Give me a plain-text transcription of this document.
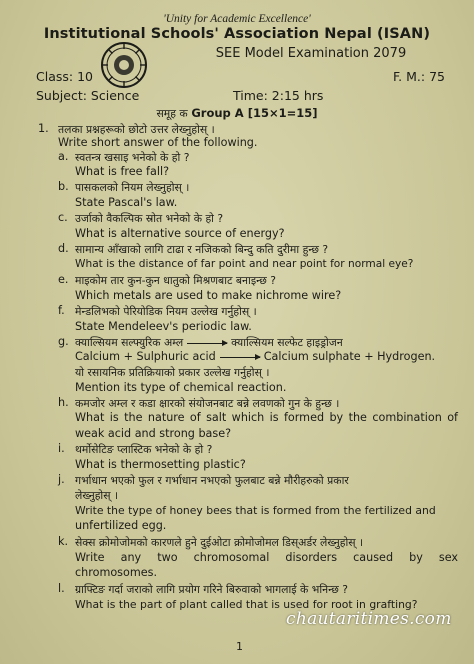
'Unity for Academic Excellence'
Institutional Schools' Association Nepal (ISAN)
SEE Model Examination 2079
Class: 10
Time: 2:15 hrs
F. M.: 75
Subject: Science
समूह क Group A [15×1=15]
1. तलका प्रश्नहरूको छोटो उत्तर लेख्नुहोस् ।
Write short answer of the following.
a. स्वतन्त्र खसाइ भनेको के हो ?
What is free fall?
b. पासकलको नियम लेख्नुहोस् ।
State Pascal's law.
c. उर्जाको वैकल्पिक स्रोत भनेको के हो ?
What is alternative source of energy?
d. सामान्य आँखाको लागि टाढा र नजिकको बिन्दु कति दुरीमा हुन्छ ?
What is the distance of far point and near point for normal eye?
e. माइकोम तार कुन-कुन धातुको मिश्रणबाट बनाइन्छ ?
Which metals are used to make nichrome wire?
f. मेन्डलिभको पेरियोडिक नियम उल्लेख गर्नुहोस् ।
State Mendeleev's periodic law.
g. क्याल्सियम सल्फ्युरिक अम्ल → क्याल्सियम सल्फेट हाइड्रोजन
Calcium + Sulphuric acid → Calcium sulphate + Hydrogen.
यो रसायनिक प्रतिक्रियाको प्रकार उल्लेख गर्नुहोस् ।
Mention its type of chemical reaction.
h. कमजोर अम्ल र कडा क्षारको संयोजनबाट बन्ने लवणको गुन के हुन्छ ।
What is the nature of salt which is formed by the combination of
weak acid and strong base?
i. थर्मोसेटिङ प्लास्टिक भनेको के हो ?
What is thermosetting plastic?
j. गर्भाधान भएको फुल र गर्भाधान नभएको फुलबाट बन्ने मौरीहरुको प्रकार
लेख्नुहोस् ।
Write the type of honey bees that is formed from the fertilized and
unfertilized egg.
k. सेक्स क्रोमोजोमको कारणले हुने दुईओटा क्रोमोजोमल डिस्अर्डर लेख्नुहोस् ।
Write any two chromosomal disorders caused by sex
chromosomes.
l. ग्राफ्टिङ गर्दा जराको लागि प्रयोग गरिने बिरुवाको भागलाई के भनिन्छ ?
What is the part of plant called that is used for root in grafting?
1
chautaritimes.com
